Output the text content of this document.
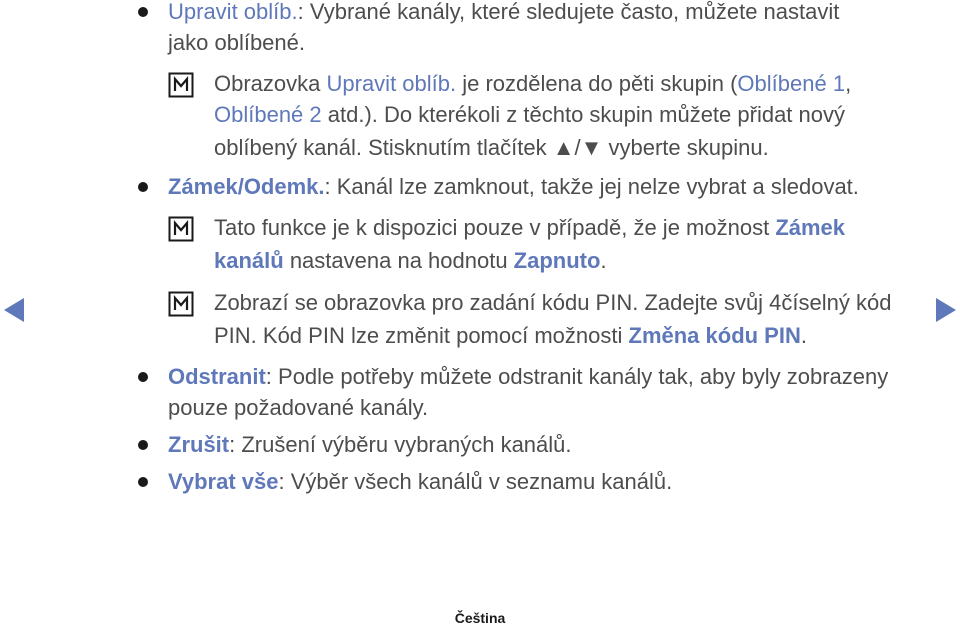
Upravit oblíb.: Vybrané kanály, které sledujete často, můžete nastavit
jako oblíbené.
Obrazovka Upravit oblíb. je rozdělena do pěti skupin (Oblíbené 1,
Oblíbené 2 atd.). Do kterékoli z těchto skupin můžete přidat nový
oblíbený kanál. Stisknutím tlačítek ▲/▼ vyberte skupinu.
Zámek/Odemk.: Kanál lze zamknout, takže jej nelze vybrat a sledovat.
Tato funkce je k dispozici pouze v případě, že je možnost Zámek
kanálů nastavena na hodnotu Zapnuto.
Zobrazí se obrazovka pro zadání kódu PIN. Zadejte svůj 4číselný kód
PIN. Kód PIN lze změnit pomocí možnosti Změna kódu PIN.
Odstranit: Podle potřeby můžete odstranit kanály tak, aby byly zobrazeny
pouze požadované kanály.
Zrušit: Zrušení výběru vybraných kanálů.
Vybrat vše: Výběr všech kanálů v seznamu kanálů.
Čeština
